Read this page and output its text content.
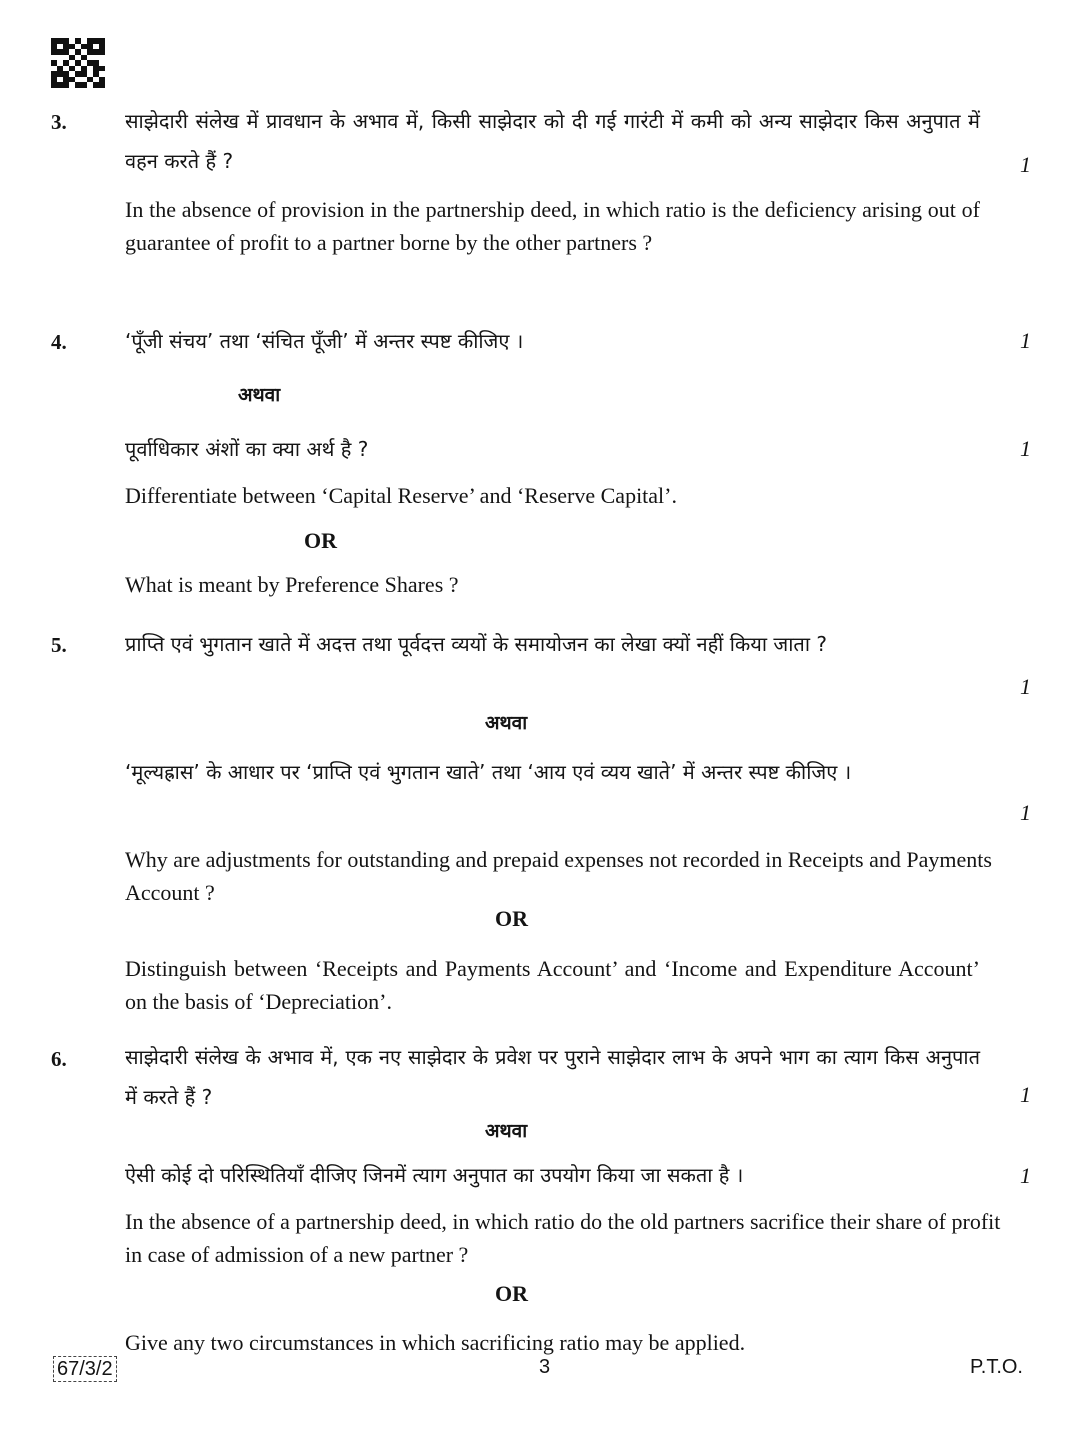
3.	साझेदारी संलेख में प्रावधान के अभाव में, किसी साझेदार को दी गई गारंटी में कमी को अन्य साझेदार किस अनुपात में वहन करते हैं ?	1
In the absence of provision in the partnership deed, in which ratio is the deficiency arising out of guarantee of profit to a partner borne by the other partners ?
4.	‘पूँजी संचय’ तथा ‘संचित पूँजी’ में अन्तर स्पष्ट कीजिए ।	1
अथवा
पूर्वाधिकार अंशों का क्या अर्थ है ?	1
Differentiate between ‘Capital Reserve’ and ‘Reserve Capital’.
OR
What is meant by Preference Shares ?
5.	प्राप्ति एवं भुगतान खाते में अदत्त तथा पूर्वदत्त व्ययों के समायोजन का लेखा क्यों नहीं किया जाता ?
1
अथवा
‘मूल्यह्रास’ के आधार पर ‘प्राप्ति एवं भुगतान खाते’ तथा ‘आय एवं व्यय खाते’ में अन्तर स्पष्ट कीजिए ।
1
Why are adjustments for outstanding and prepaid expenses not recorded in Receipts and Payments Account ?
OR
Distinguish between ‘Receipts and Payments Account’ and ‘Income and Expenditure Account’ on the basis of ‘Depreciation’.
6.	साझेदारी संलेख के अभाव में, एक नए साझेदार के प्रवेश पर पुराने साझेदार लाभ के अपने भाग का त्याग किस अनुपात में करते हैं ?	1
अथवा
ऐसी कोई दो परिस्थितियाँ दीजिए जिनमें त्याग अनुपात का उपयोग किया जा सकता है ।	1
In the absence of a partnership deed, in which ratio do the old partners sacrifice their share of profit in case of admission of a new partner ?
OR
Give any two circumstances in which sacrificing ratio may be applied.
67/3/2	3	P.T.O.
